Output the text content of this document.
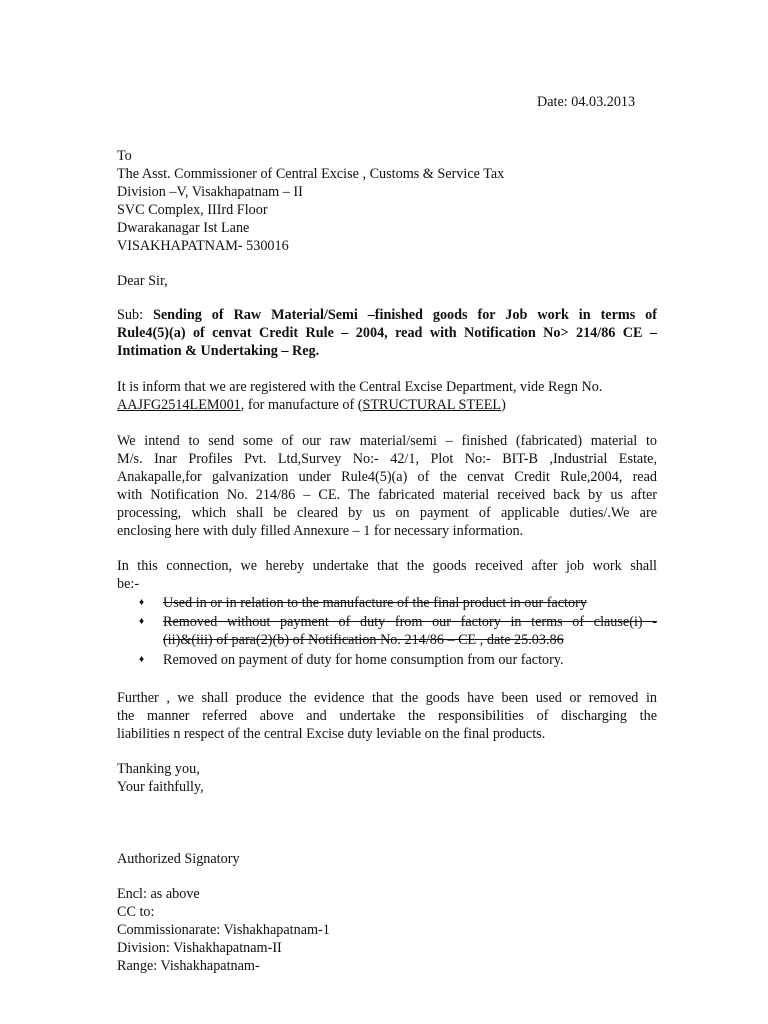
Date: 04.03.2013
To
The Asst. Commissioner of Central Excise , Customs & Service Tax
Division –V, Visakhapatnam – II
SVC Complex, IIIrd Floor
Dwarakanagar Ist Lane
VISAKHAPATNAM- 530016
Dear Sir,
Sub: Sending of Raw Material/Semi –finished goods for Job work in terms of
Rule4(5)(a) of cenvat Credit Rule – 2004, read with Notification No> 214/86 CE –
Intimation & Undertaking – Reg.
It is inform that we are registered with the Central Excise Department, vide Regn No.
AAJFG2514LEM001, for manufacture of (STRUCTURAL STEEL)
We intend to send some of our raw material/semi – finished (fabricated) material to
M/s. Inar Profiles Pvt. Ltd,Survey No:- 42/1, Plot No:- BIT-B ,Industrial Estate,
Anakapalle,for galvanization under Rule4(5)(a) of the cenvat Credit Rule,2004, read
with Notification No. 214/86 – CE. The fabricated material received back by us after
processing, which shall be cleared by us on payment of applicable duties/.We are
enclosing here with duly filled Annexure – 1 for necessary information.
In this connection, we hereby undertake that the goods received after job work shall
be:-
♦ Used in or in relation to the manufacture of the final product in our factory
♦ Removed without payment of duty from our factory in terms of clause(i) -
(ii)&(iii) of para(2)(b) of Notification No. 214/86 – CE , date 25.03.86
♦ Removed on payment of duty for home consumption from our factory.
Further , we shall produce the evidence that the goods have been used or removed in
the manner referred above and undertake the responsibilities of discharging the
liabilities n respect of the central Excise duty leviable on the final products.
Thanking you,
Your faithfully,
Authorized Signatory
Encl: as above
CC to:
Commissionarate: Vishakhapatnam-1
Division: Vishakhapatnam-II
Range: Vishakhapatnam-
